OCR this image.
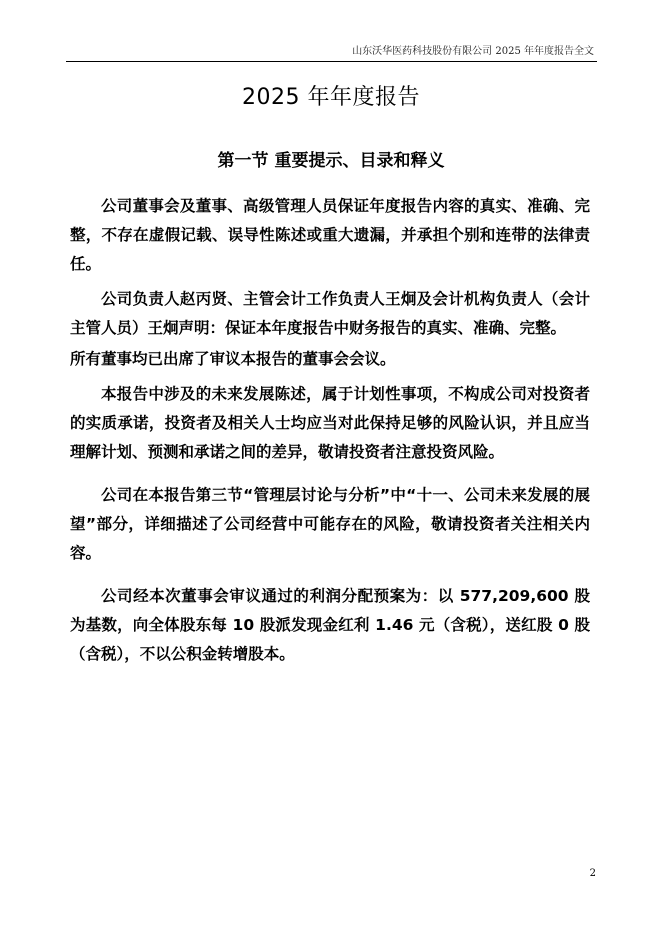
山东沃华医药科技股份有限公司 2025 年年度报告全文
2025 年年度报告
第一节 重要提示、目录和释义

公司董事会及董事、高级管理人员保证年度报告内容的真实、准确、完整，不存在虚假记载、误导性陈述或重大遗漏，并承担个别和连带的法律责任。

公司负责人赵丙贤、主管会计工作负责人王炯及会计机构负责人（会计主管人员）王炯声明：保证本年度报告中财务报告的真实、准确、完整。

所有董事均已出席了审议本报告的董事会会议。

本报告中涉及的未来发展陈述，属于计划性事项，不构成公司对投资者的实质承诺，投资者及相关人士均应当对此保持足够的风险认识，并且应当理解计划、预测和承诺之间的差异，敬请投资者注意投资风险。

公司在本报告第三节“管理层讨论与分析”中“十一、公司未来发展的展望”部分，详细描述了公司经营中可能存在的风险，敬请投资者关注相关内容。

公司经本次董事会审议通过的利润分配预案为：以 577,209,600 股为基数，向全体股东每 10 股派发现金红利 1.46 元（含税），送红股 0 股（含税），不以公积金转增股本。

2
